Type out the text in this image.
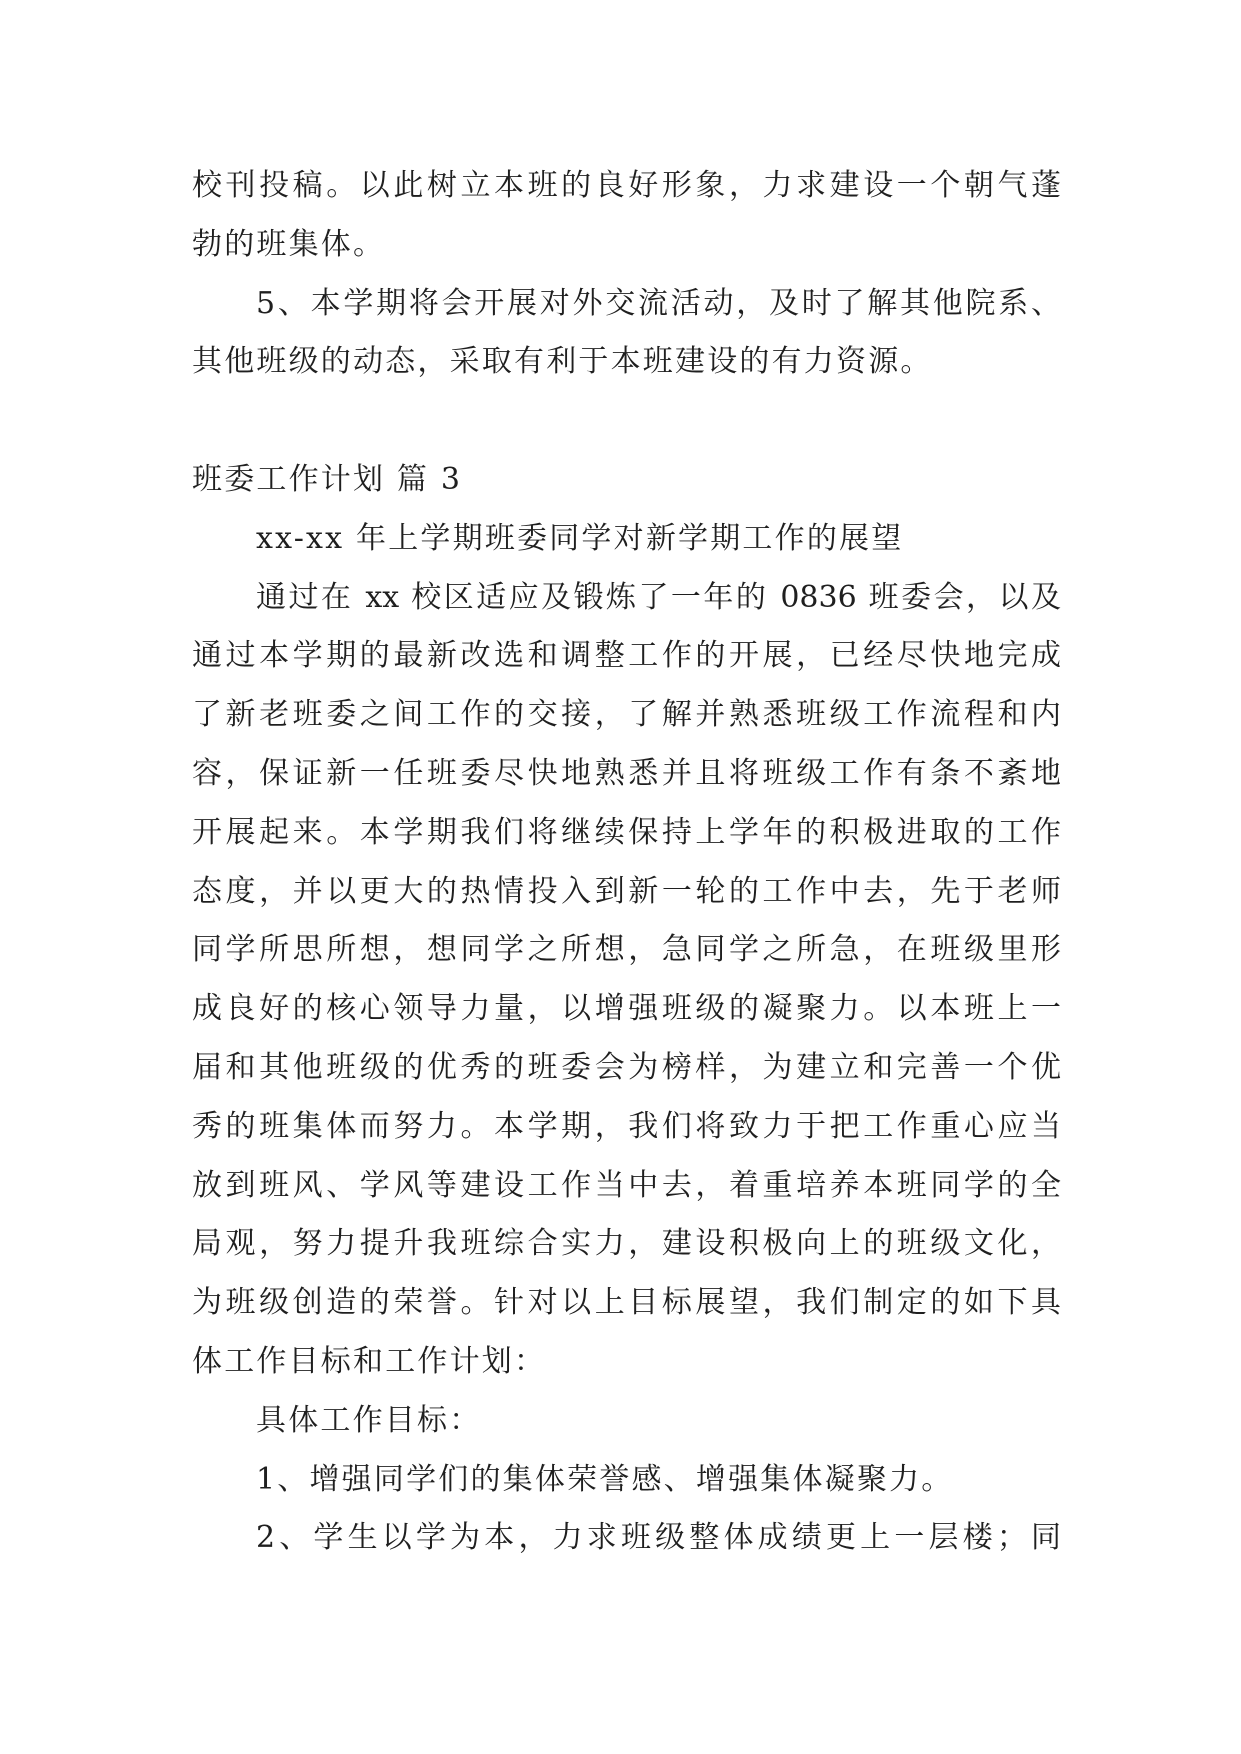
校刊投稿。以此树立本班的良好形象，力求建设一个朝气蓬
勃的班集体。
5、本学期将会开展对外交流活动，及时了解其他院系、
其他班级的动态，采取有利于本班建设的有力资源。
班委工作计划 篇 3
xx-xx 年上学期班委同学对新学期工作的展望
通过在 xx 校区适应及锻炼了一年的 0836 班委会，以及
通过本学期的最新改选和调整工作的开展，已经尽快地完成
了新老班委之间工作的交接，了解并熟悉班级工作流程和内
容，保证新一任班委尽快地熟悉并且将班级工作有条不紊地
开展起来。本学期我们将继续保持上学年的积极进取的工作
态度，并以更大的热情投入到新一轮的工作中去，先于老师
同学所思所想，想同学之所想，急同学之所急，在班级里形
成良好的核心领导力量，以增强班级的凝聚力。以本班上一
届和其他班级的优秀的班委会为榜样，为建立和完善一个优
秀的班集体而努力。本学期，我们将致力于把工作重心应当
放到班风、学风等建设工作当中去，着重培养本班同学的全
局观，努力提升我班综合实力，建设积极向上的班级文化，
为班级创造的荣誉。针对以上目标展望，我们制定的如下具
体工作目标和工作计划：
具体工作目标：
1、增强同学们的集体荣誉感、增强集体凝聚力。
2、学生以学为本，力求班级整体成绩更上一层楼；同
